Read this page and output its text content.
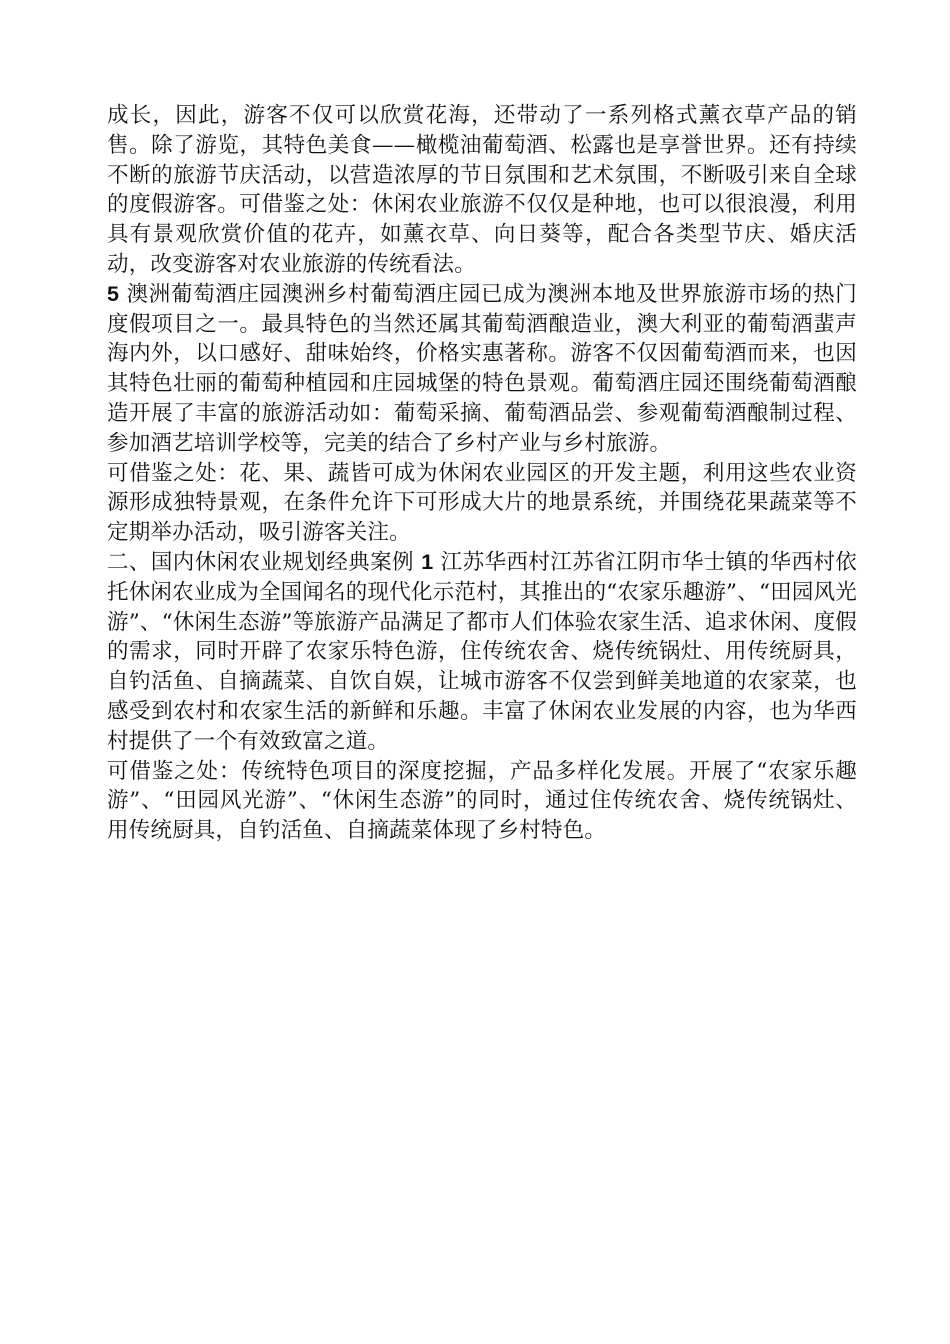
成长，因此，游客不仅可以欣赏花海，还带动了一系列格式薰衣草产品的销售。除了游览，其特色美食——橄榄油葡萄酒、松露也是享誉世界。还有持续不断的旅游节庆活动，以营造浓厚的节日氛围和艺术氛围，不断吸引来自全球的度假游客。可借鉴之处：休闲农业旅游不仅仅是种地，也可以很浪漫，利用具有景观欣赏价值的花卉，如薰衣草、向日葵等，配合各类型节庆、婚庆活动，改变游客对农业旅游的传统看法。

5 澳洲葡萄酒庄园澳洲乡村葡萄酒庄园已成为澳洲本地及世界旅游市场的热门度假项目之一。最具特色的当然还属其葡萄酒酿造业，澳大利亚的葡萄酒蜚声海内外，以口感好、甜味始终，价格实惠著称。游客不仅因葡萄酒而来，也因其特色壮丽的葡萄种植园和庄园城堡的特色景观。葡萄酒庄园还围绕葡萄酒酿造开展了丰富的旅游活动如：葡萄采摘、葡萄酒品尝、参观葡萄酒酿制过程、参加酒艺培训学校等，完美的结合了乡村产业与乡村旅游。

可借鉴之处：花、果、蔬皆可成为休闲农业园区的开发主题，利用这些农业资源形成独特景观，在条件允许下可形成大片的地景系统，并围绕花果蔬菜等不定期举办活动，吸引游客关注。

二、国内休闲农业规划经典案例 1 江苏华西村江苏省江阴市华士镇的华西村依托休闲农业成为全国闻名的现代化示范村，其推出的“农家乐趣游”、“田园风光游”、“休闲生态游”等旅游产品满足了都市人们体验农家生活、追求休闲、度假的需求，同时开辟了农家乐特色游，住传统农舍、烧传统锅灶、用传统厨具，自钓活鱼、自摘蔬菜、自饮自娱，让城市游客不仅尝到鲜美地道的农家菜，也感受到农村和农家生活的新鲜和乐趣。丰富了休闲农业发展的内容，也为华西村提供了一个有效致富之道。

可借鉴之处：传统特色项目的深度挖掘，产品多样化发展。开展了“农家乐趣游”、“田园风光游”、“休闲生态游”的同时，通过住传统农舍、烧传统锅灶、用传统厨具，自钓活鱼、自摘蔬菜体现了乡村特色。
